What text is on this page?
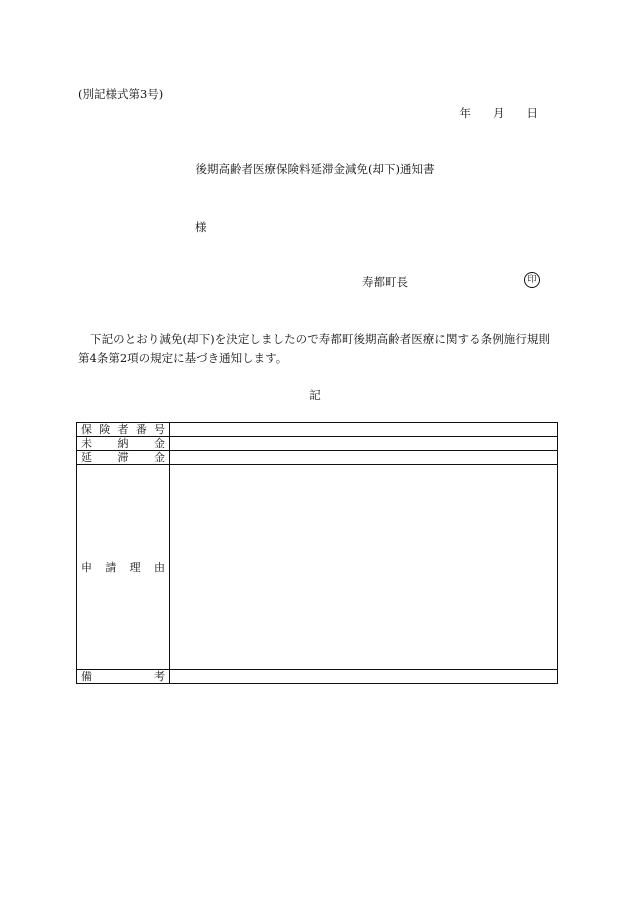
(別記様式第3号)
年 月 日
後期高齢者医療保険料延滞金減免(却下)通知書
様
寿都町長	印
下記のとおり減免(却下)を決定しましたので寿都町後期高齢者医療に関する条例施行規則第4条第2項の規定に基づき通知します。
記
保険者番号	
未納金	
延滞金	
申請理由	
備考	
